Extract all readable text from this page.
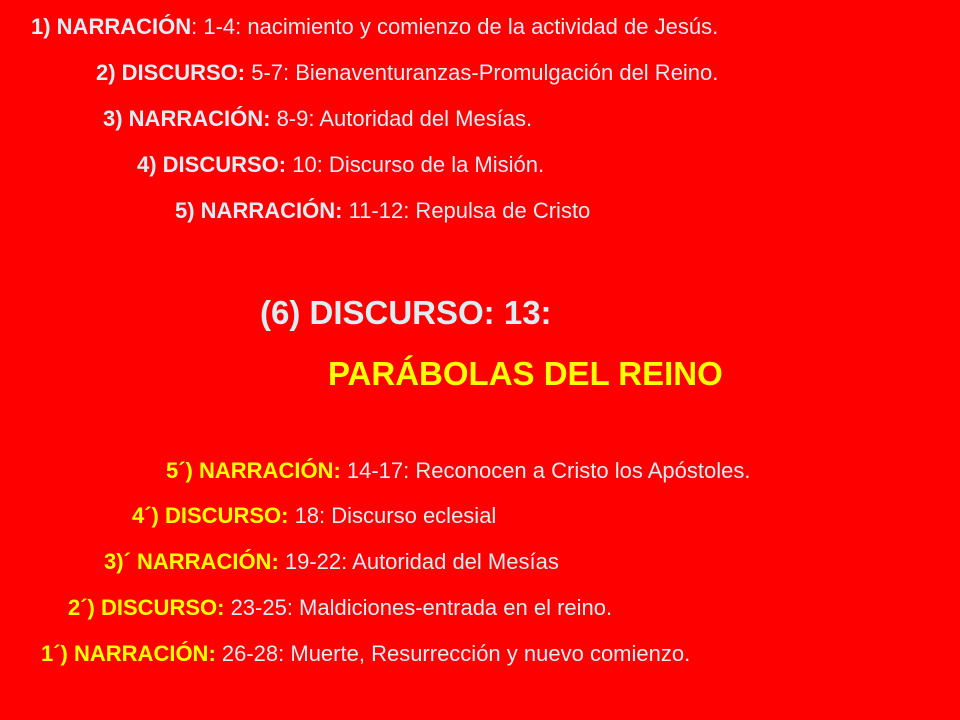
1) NARRACIÓN: 1-4: nacimiento y comienzo de la actividad de Jesús.
2) DISCURSO: 5-7: Bienaventuranzas-Promulgación del Reino.
3) NARRACIÓN: 8-9: Autoridad del Mesías.
4) DISCURSO: 10: Discurso de la Misión.
5) NARRACIÓN: 11-12: Repulsa de Cristo
(6) DISCURSO: 13:
PARÁBOLAS DEL REINO
5´) NARRACIÓN: 14-17: Reconocen a Cristo los Apóstoles.
4´) DISCURSO: 18: Discurso eclesial
3)´ NARRACIÓN: 19-22: Autoridad del Mesías
2´) DISCURSO: 23-25: Maldiciones-entrada en el reino.
1´) NARRACIÓN: 26-28: Muerte, Resurrección y nuevo comienzo.
